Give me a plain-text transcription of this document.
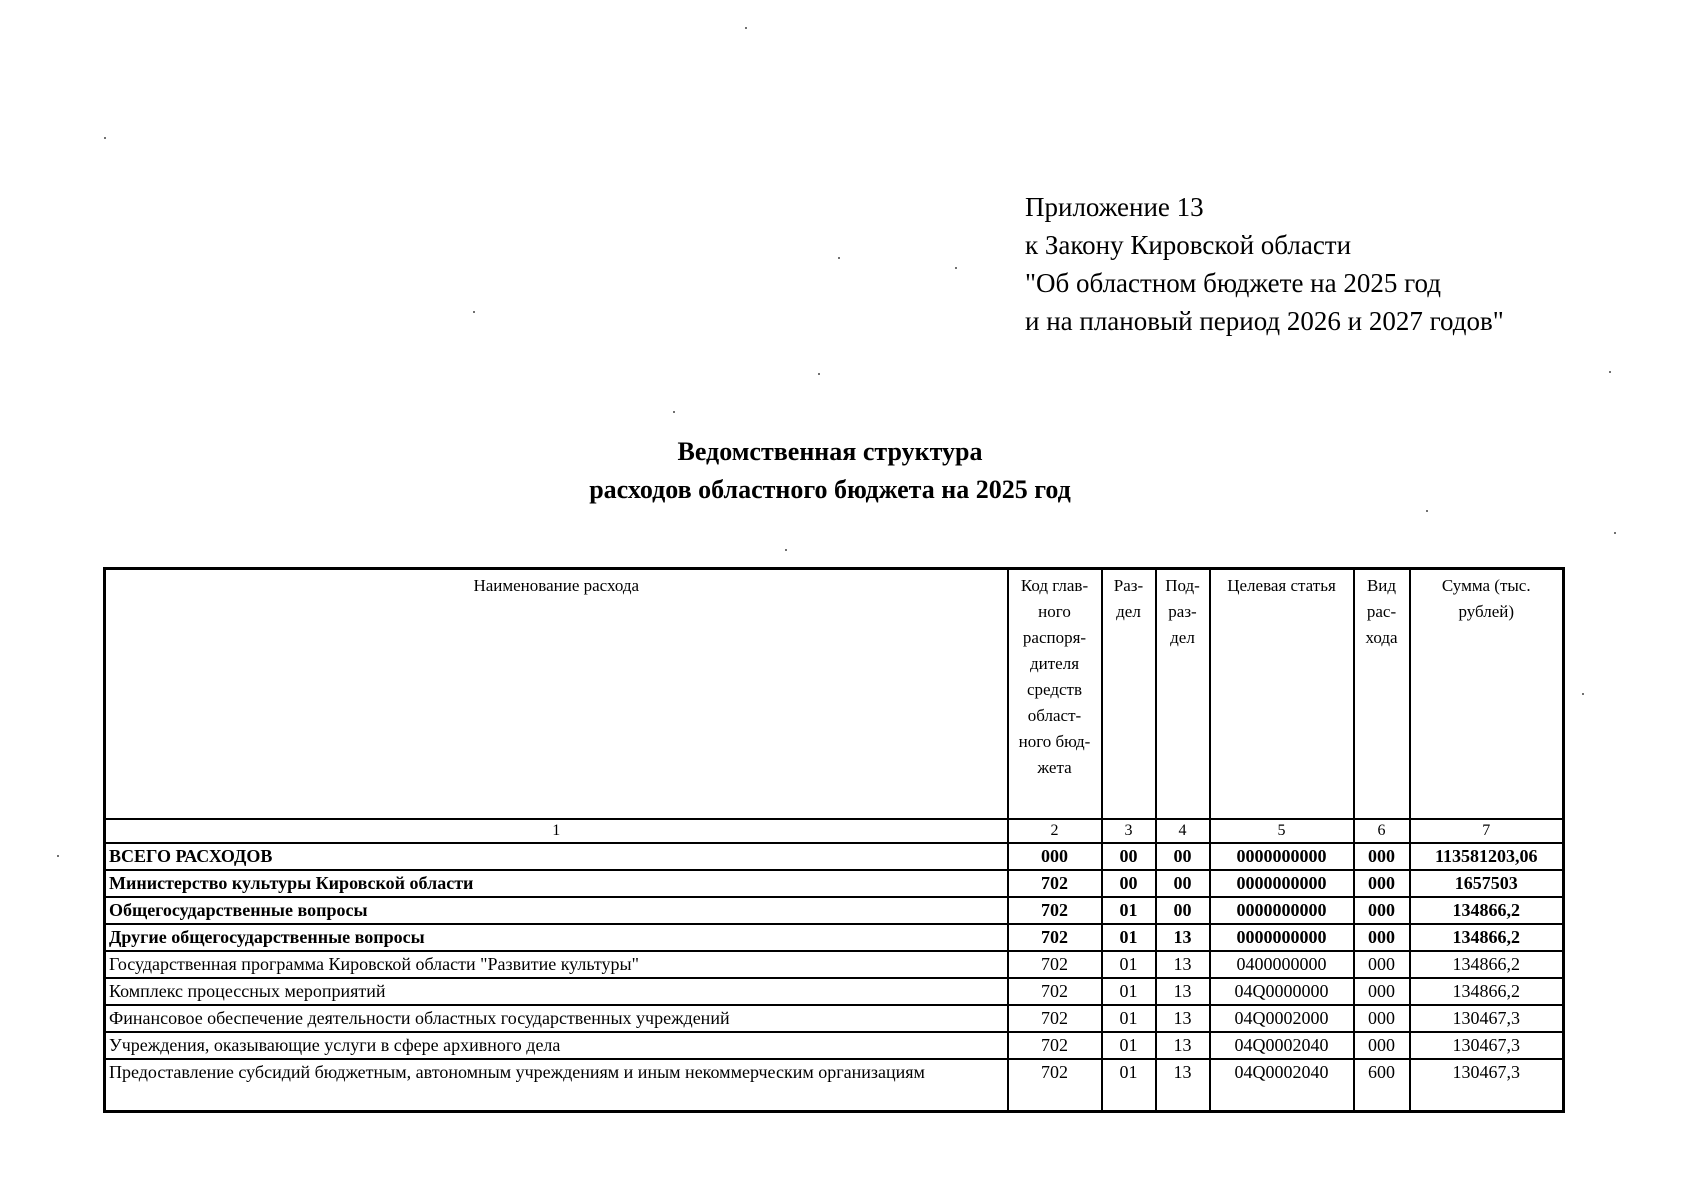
Приложение 13
к Закону Кировской области
"Об областном бюджете на 2025 год
и на плановый период 2026 и 2027 годов"
Ведомственная структура
расходов областного бюджета на 2025 год
Наименование расхода	Код глав-ного распоря-дителя средств област-ного бюд-жета	Раз-дел	Под-раз-дел	Целевая статья	Вид рас-хода	Сумма (тыс. рублей)
1	2	3	4	5	6	7
ВСЕГО РАСХОДОВ	000	00	00	0000000000	000	113581203,06
Министерство культуры Кировской области	702	00	00	0000000000	000	1657503
Общегосударственные вопросы	702	01	00	0000000000	000	134866,2
Другие общегосударственные вопросы	702	01	13	0000000000	000	134866,2
Государственная программа Кировской области "Развитие культуры"	702	01	13	0400000000	000	134866,2
Комплекс процессных мероприятий	702	01	13	04Q0000000	000	134866,2
Финансовое обеспечение деятельности областных государственных учреждений	702	01	13	04Q0002000	000	130467,3
Учреждения, оказывающие услуги в сфере архивного дела	702	01	13	04Q0002040	000	130467,3
Предоставление субсидий бюджетным, автономным учреждениям и иным некоммерческим организациям	702	01	13	04Q0002040	600	130467,3
